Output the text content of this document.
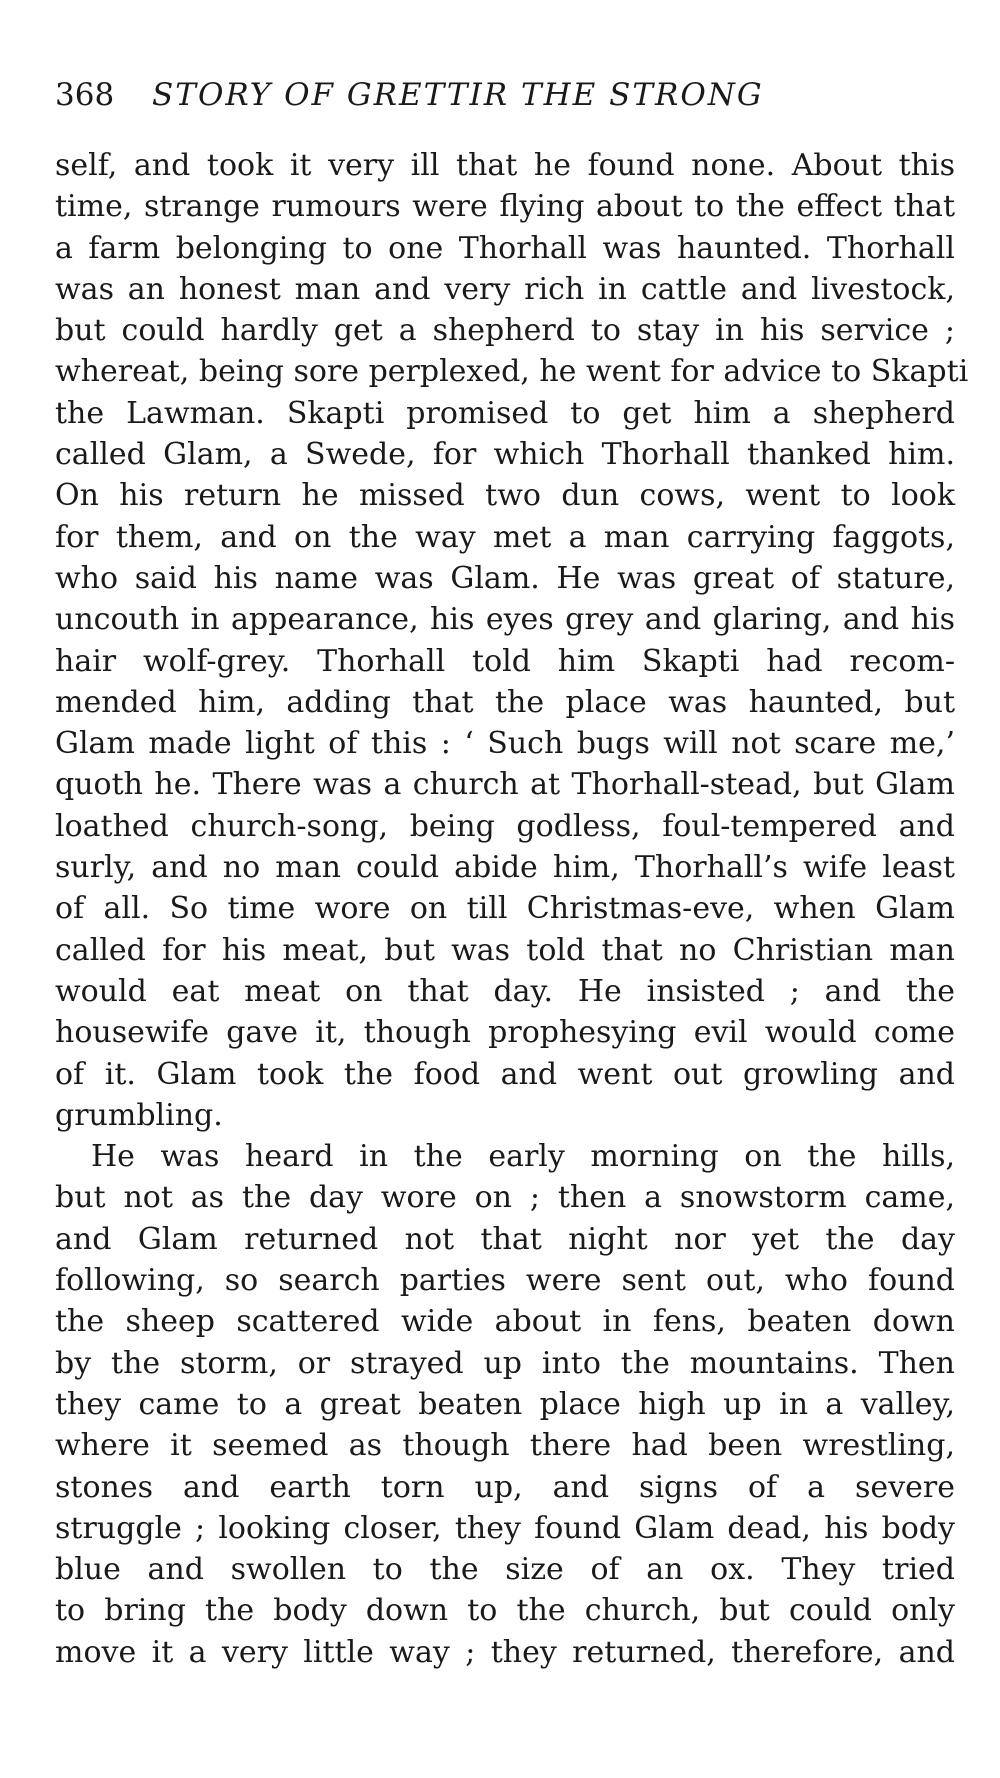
368 STORY OF GRETTIR THE STRONG
self, and took it very ill that he found none. About this
time, strange rumours were flying about to the effect that
a farm belonging to one Thorhall was haunted. Thorhall
was an honest man and very rich in cattle and livestock,
but could hardly get a shepherd to stay in his service ;
whereat, being sore perplexed, he went for advice to Skapti
the Lawman. Skapti promised to get him a shepherd
called Glam, a Swede, for which Thorhall thanked him.
On his return he missed two dun cows, went to look
for them, and on the way met a man carrying faggots,
who said his name was Glam. He was great of stature,
uncouth in appearance, his eyes grey and glaring, and his
hair wolf-grey. Thorhall told him Skapti had recom-
mended him, adding that the place was haunted, but
Glam made light of this : ‘ Such bugs will not scare me,’
quoth he. There was a church at Thorhall-stead, but Glam
loathed church-song, being godless, foul-tempered and
surly, and no man could abide him, Thorhall’s wife least
of all. So time wore on till Christmas-eve, when Glam
called for his meat, but was told that no Christian man
would eat meat on that day. He insisted ; and the
housewife gave it, though prophesying evil would come
of it. Glam took the food and went out growling and
grumbling.
He was heard in the early morning on the hills,
but not as the day wore on ; then a snowstorm came,
and Glam returned not that night nor yet the day
following, so search parties were sent out, who found
the sheep scattered wide about in fens, beaten down
by the storm, or strayed up into the mountains. Then
they came to a great beaten place high up in a valley,
where it seemed as though there had been wrestling,
stones and earth torn up, and signs of a severe
struggle ; looking closer, they found Glam dead, his body
blue and swollen to the size of an ox. They tried
to bring the body down to the church, but could only
move it a very little way ; they returned, therefore, and
